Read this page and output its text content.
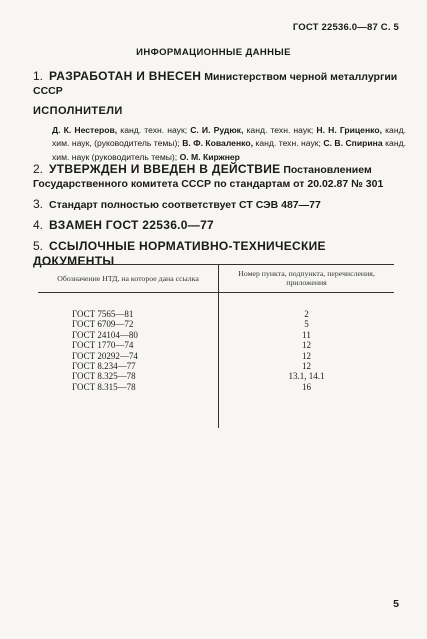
ГОСТ 22536.0—87 С. 5
ИНФОРМАЦИОННЫЕ ДАННЫЕ
1. РАЗРАБОТАН И ВНЕСЕН Министерством черной металлургии СССР
ИСПОЛНИТЕЛИ
Д. К. Нестеров, канд. техн. наук; С. И. Рудюк, канд. техн. наук; Н. Н. Гриценко, канд. хим. наук, (руководитель темы); В. Ф. Коваленко, канд. техн. наук; С. В. Спирина канд. хим. наук (руководитель темы); О. М. Киржнер
2. УТВЕРЖДЕН И ВВЕДЕН В ДЕЙСТВИЕ Постановлением Государственного комитета СССР по стандартам от 20.02.87 № 301
3. Стандарт полностью соответствует СТ СЭВ 487—77
4. ВЗАМЕН ГОСТ 22536.0—77
5. ССЫЛОЧНЫЕ НОРМАТИВНО-ТЕХНИЧЕСКИЕ ДОКУМЕНТЫ
Обозначение НТД, на которое дана ссылка	Номер пункта, подпункта, перечисления, приложения
ГОСТ 7565—81	2
ГОСТ 6709—72	5
ГОСТ 24104—80	11
ГОСТ 1770—74	12
ГОСТ 20292—74	12
ГОСТ 8.234—77	12
ГОСТ 8.325—78	13.1, 14.1
ГОСТ 8.315—78	16

5
